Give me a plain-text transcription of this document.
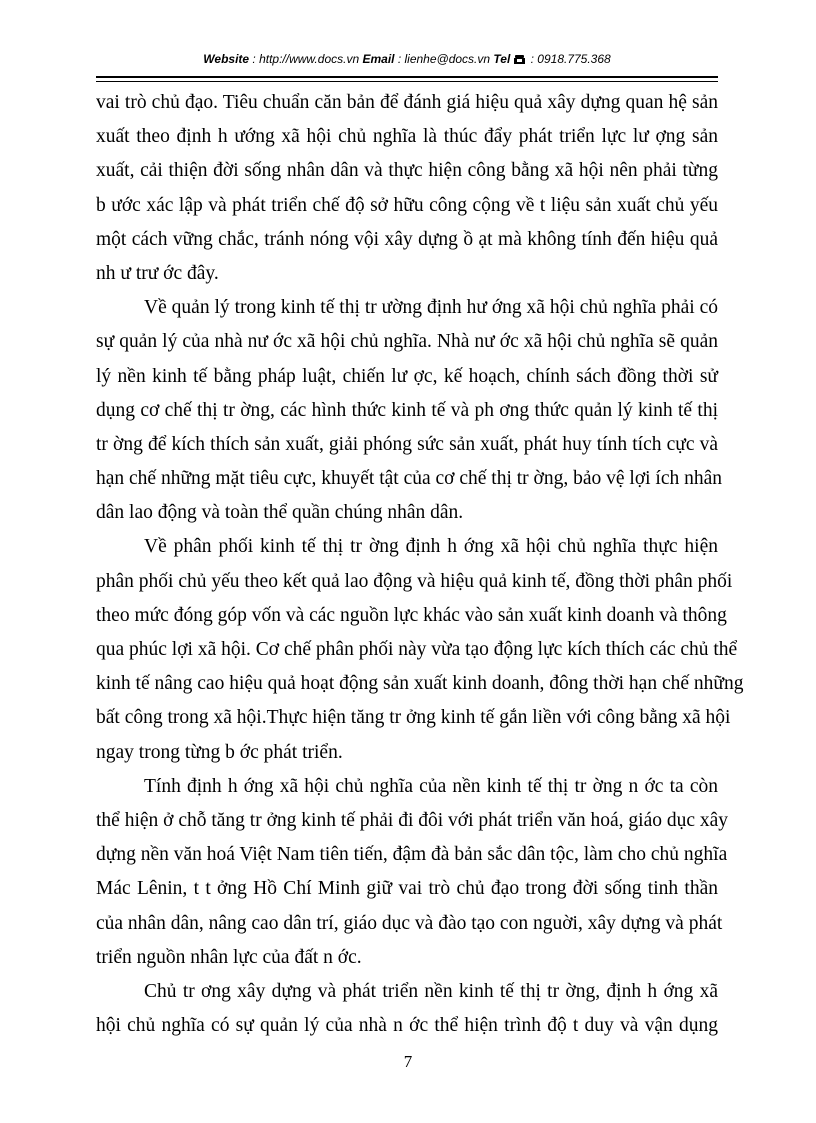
Website : http://www.docs.vn Email : lienhe@docs.vn Tel : 0918.775.368
vai trò chủ đạo. Tiêu chuẩn căn bản để đánh giá hiệu quả xây dựng quan hệ sản
xuất theo định h ướng xã hội chủ nghĩa là thúc đẩy phát triển lực lư ợng sản
xuất, cải thiện đời sống nhân dân và thực hiện công bằng xã hội nên phải từng
b ước xác lập và phát triển chế độ sở hữu công cộng về t liệu sản xuất chủ yếu
một cách vững chắc, tránh nóng vội xây dựng ồ ạt mà không tính đến hiệu quả
nh ư trư ớc đây.
Về quản lý trong kinh tế thị tr ường định hư ớng xã hội chủ nghĩa phải có
sự quản lý của nhà nư ớc xã hội chủ nghĩa. Nhà nư ớc xã hội chủ nghĩa sẽ quản
lý nền kinh tế bằng pháp luật, chiến lư ợc, kế hoạch, chính sách đồng thời sử
dụng cơ chế thị tr ờng, các hình thức kinh tế và ph ơng thức quản lý kinh tế thị
tr ờng để kích thích sản xuất, giải phóng sức sản xuất, phát huy tính tích cực và
hạn chế những mặt tiêu cực, khuyết tật của cơ chế thị tr ờng, bảo vệ lợi ích nhân
dân lao động và toàn thể quần chúng nhân dân.
Về phân phối kinh tế thị tr ờng định h ớng xã hội chủ nghĩa thực hiện
phân phối chủ yếu theo kết quả lao động và hiệu quả kinh tế, đồng thời phân phối
theo mức đóng góp vốn và các nguồn lực khác vào sản xuất kinh doanh và thông
qua phúc lợi xã hội. Cơ chế phân phối này vừa tạo động lực kích thích các chủ thể
kinh tế nâng cao hiệu quả hoạt động sản xuất kinh doanh, đông thời hạn chế những
bất công trong xã hội.Thực hiện tăng tr ởng kinh tế gắn liền với công bằng xã hội
ngay trong từng b ớc phát triển.
Tính định h ớng xã hội chủ nghĩa của nền kinh tế thị tr ờng n ớc ta còn
thể hiện ở chỗ tăng tr ởng kinh tế phải đi đôi với phát triển văn hoá, giáo dục xây
dựng nền văn hoá Việt Nam tiên tiến, đậm đà bản sắc dân tộc, làm cho chủ nghĩa
Mác Lênin, t t ởng Hồ Chí Minh giữ vai trò chủ đạo trong đời sống tinh thần
của nhân dân, nâng cao dân trí, giáo dục và đào tạo con nguời, xây dựng và phát
triển nguồn nhân lực của đất n ớc.
Chủ tr ơng xây dựng và phát triển nền kinh tế thị tr ờng, định h ớng xã
hội chủ nghĩa có sự quản lý của nhà n ớc thể hiện trình độ t duy và vận dụng
7
